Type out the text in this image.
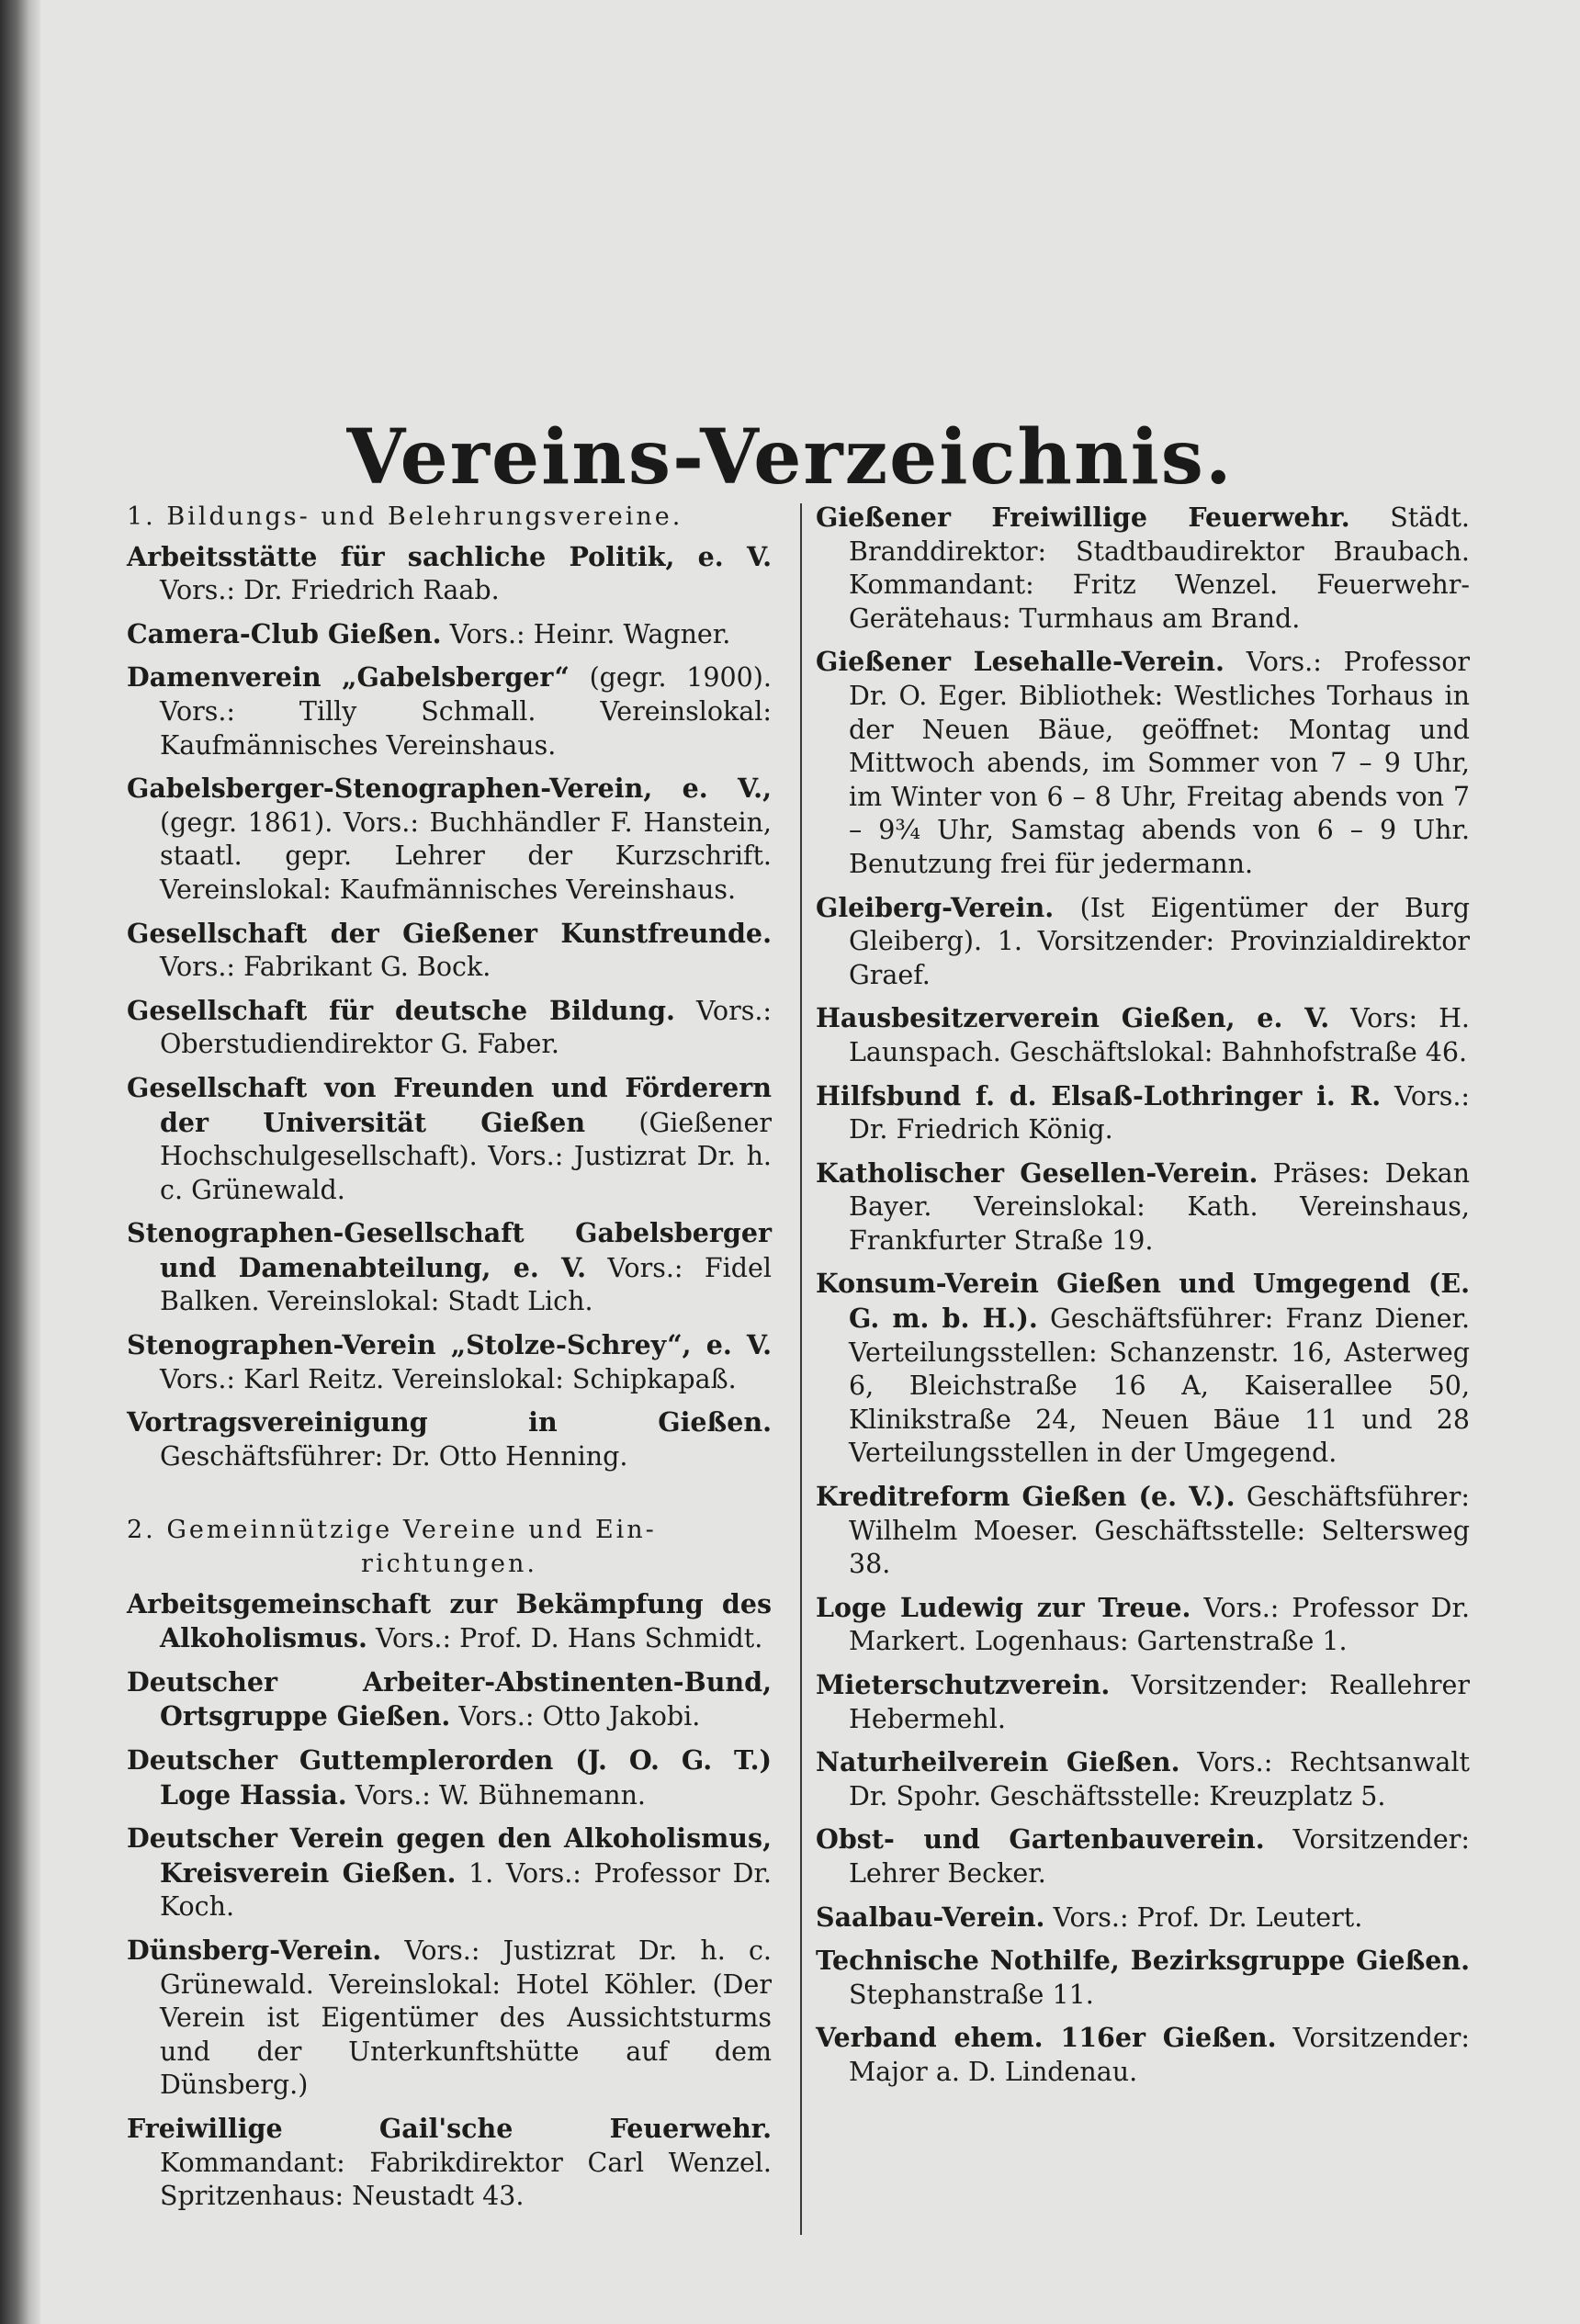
Vereins-Verzeichnis.
1. Bildungs- und Belehrungsvereine.
Arbeitsstätte für sachliche Politik, e. V. Vors.: Dr. Friedrich Raab.
Camera-Club Gießen. Vors.: Heinr. Wagner.
Damenverein „Gabelsberger“ (gegr. 1900). Vors.: Tilly Schmall. Vereinslokal: Kaufmännisches Vereinshaus.
Gabelsberger-Stenographen-Verein, e. V., (gegr. 1861). Vors.: Buchhändler F. Hanstein, staatl. gepr. Lehrer der Kurzschrift. Vereinslokal: Kaufmännisches Vereinshaus.
Gesellschaft der Gießener Kunstfreunde. Vors.: Fabrikant G. Bock.
Gesellschaft für deutsche Bildung. Vors.: Oberstudiendirektor G. Faber.
Gesellschaft von Freunden und Förderern der Universität Gießen (Gießener Hochschulgesellschaft). Vors.: Justizrat Dr. h. c. Grünewald.
Stenographen-Gesellschaft Gabelsberger und Damenabteilung, e. V. Vors.: Fidel Balken. Vereinslokal: Stadt Lich.
Stenographen-Verein „Stolze-Schrey“, e. V. Vors.: Karl Reitz. Vereinslokal: Schipkapaß.
Vortragsvereinigung in Gießen. Geschäftsführer: Dr. Otto Henning.
2. Gemeinnützige Vereine und Ein-
richtungen.
Arbeitsgemeinschaft zur Bekämpfung des Alkoholismus. Vors.: Prof. D. Hans Schmidt.
Deutscher Arbeiter-Abstinenten-Bund, Ortsgruppe Gießen. Vors.: Otto Jakobi.
Deutscher Guttemplerorden (J. O. G. T.) Loge Hassia. Vors.: W. Bühnemann.
Deutscher Verein gegen den Alkoholismus, Kreisverein Gießen. 1. Vors.: Professor Dr. Koch.
Dünsberg-Verein. Vors.: Justizrat Dr. h. c. Grünewald. Vereinslokal: Hotel Köhler. (Der Verein ist Eigentümer des Aussichtsturms und der Unterkunftshütte auf dem Dünsberg.)
Freiwillige Gail'sche Feuerwehr. Kommandant: Fabrikdirektor Carl Wenzel. Spritzenhaus: Neustadt 43.
Gießener Freiwillige Feuerwehr. Städt. Branddirektor: Stadtbaudirektor Braubach. Kommandant: Fritz Wenzel. Feuerwehr-Gerätehaus: Turmhaus am Brand.
Gießener Lesehalle-Verein. Vors.: Professor Dr. O. Eger. Bibliothek: Westliches Torhaus in der Neuen Bäue, geöffnet: Montag und Mittwoch abends, im Sommer von 7 – 9 Uhr, im Winter von 6 – 8 Uhr, Freitag abends von 7 – 9¾ Uhr, Samstag abends von 6 – 9 Uhr. Benutzung frei für jedermann.
Gleiberg-Verein. (Ist Eigentümer der Burg Gleiberg). 1. Vorsitzender: Provinzialdirektor Graef.
Hausbesitzerverein Gießen, e. V. Vors: H. Launspach. Geschäftslokal: Bahnhofstraße 46.
Hilfsbund f. d. Elsaß-Lothringer i. R. Vors.: Dr. Friedrich König.
Katholischer Gesellen-Verein. Präses: Dekan Bayer. Vereinslokal: Kath. Vereinshaus, Frankfurter Straße 19.
Konsum-Verein Gießen und Umgegend (E. G. m. b. H.). Geschäftsführer: Franz Diener. Verteilungsstellen: Schanzenstr. 16, Asterweg 6, Bleichstraße 16 A, Kaiserallee 50, Klinikstraße 24, Neuen Bäue 11 und 28 Verteilungsstellen in der Umgegend.
Kreditreform Gießen (e. V.). Geschäftsführer: Wilhelm Moeser. Geschäftsstelle: Seltersweg 38.
Loge Ludewig zur Treue. Vors.: Professor Dr. Markert. Logenhaus: Gartenstraße 1.
Mieterschutzverein. Vorsitzender: Reallehrer Hebermehl.
Naturheilverein Gießen. Vors.: Rechtsanwalt Dr. Spohr. Geschäftsstelle: Kreuzplatz 5.
Obst- und Gartenbauverein. Vorsitzender: Lehrer Becker.
Saalbau-Verein. Vors.: Prof. Dr. Leutert.
Technische Nothilfe, Bezirksgruppe Gießen. Stephanstraße 11.
Verband ehem. 116er Gießen. Vorsitzender: Major a. D. Lindenau.
